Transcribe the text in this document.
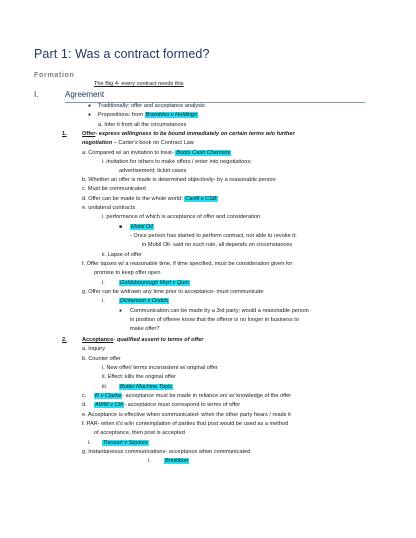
Part 1: Was a contract formed?
Formation
The Big 4- every contract needs this
I.	Agreement
● Traditionally: offer and acceptance analysis
● Propositions: from Brambles v Holdings
a. Infer it from all the circumstances
1.	Offer- express willingness to be bound immediately on certain terms w/o further
negotiation – Carter's book on Contract Law
a. Compared w/ an invitation to treat- Boots Cash Chemists
i. invitation for others to make offers / enter into negotiations;
advertisement; ticket cases
b. Whether an offer is made is determined objectively- by a reasonable person
c. Must be communicated
d. Offer can be made to the whole world: Carlill v CSB
e. unilateral contracts
i. performance of which is acceptance of offer and consideration
■ Mobil Oil
- Once person has started to perform contract, not able to revoke it;
in Mobil Oil- said no such rule, all depends on circumstances
ii. Lapse of offer
f. Offer lapses w/ a reasonable time, if time specified, must be consideration given for
promise to keep offer open
i.	Goldsbourough Mort v Quin
g. Offer can be w/drawn any time prior to acceptance- must communicate
i.	Dickenson v Dodds
● Communication can be made by a 3rd party; would a reasonable person
in position of offeree know that the offeror is no longer in business to
make offer?
2.	Acceptance- qualified assent to terms of offer
a. Inquiry
b. Counter offer
i. New offer/ terms inconsistent w/ original offer
ii. Effect: kills the original offer
iii. Butler Machine Tools
c. R v Clarke- acceptance must be made in reliance on/ w/ knowledge of the offer
d. AWM v Cth- acceptance must correspond to terms of offer
e. Acceptance is effective when communicated- when the other party hears / reads it
f. PAR- when it's w/in contemplation of parties that post would be used as a method
of acceptance, then post is accepted
i. Tressen v Squires
g. Instantaneous communications- acceptance when communicated
i.	Brinkibon
